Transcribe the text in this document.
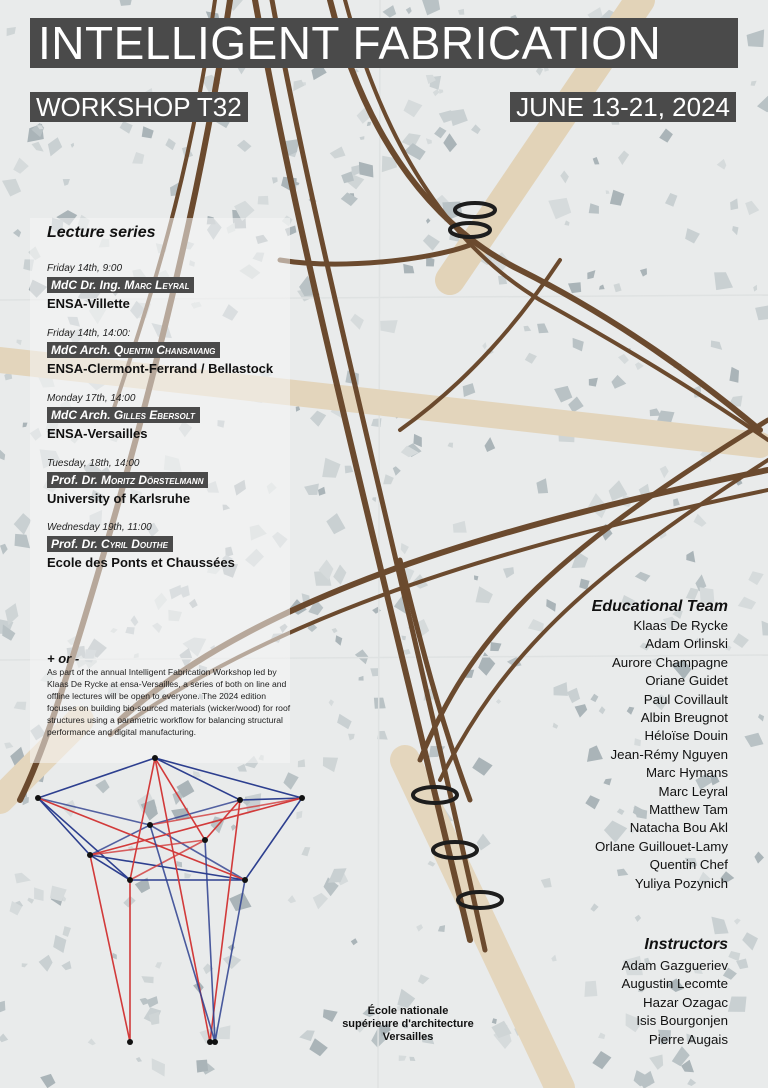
INTELLIGENT FABRICATION
WORKSHOP T32	JUNE 13-21, 2024
Lecture series
Friday 14th, 9:00
MdC Dr. Ing. Marc Leyral
ENSA-Villette
Friday 14th, 14:00:
MdC Arch. Quentin Chansavang
ENSA-Clermont-Ferrand / Bellastock
Monday 17th, 14:00
MdC Arch. Gilles Ebersolt
ENSA-Versailles
Tuesday, 18th, 14:00
Prof. Dr. Moritz Dörstelmann
University of Karlsruhe
Wednesday 19th, 11:00
Prof. Dr. Cyril Douthe
Ecole des Ponts et Chaussées
+ or -
As part of the annual Intelligent Fabrication Workshop led by Klaas De Rycke at ensa-Versailles, a series of both on line and offline lectures will be open to everyone. The 2024 edition focuses on building bio-sourced materials (wicker/wood) for roof structures using a parametric workflow for balancing structural performance and digital manufacturing.
Educational Team
Klaas De Rycke
Adam Orlinski
Aurore Champagne
Oriane Guidet
Paul Covillault
Albin Breugnot
Héloïse Douin
Jean-Rémy Nguyen
Marc Hymans
Marc Leyral
Matthew Tam
Natacha Bou Akl
Orlane Guillouet-Lamy
Quentin Chef
Yuliya Pozynich
Instructors
Adam Gazgueriev
Augustin Lecomte
Hazar Ozagac
Isis Bourgonjen
Pierre Augais
École nationale
supérieure d'architecture
Versailles
